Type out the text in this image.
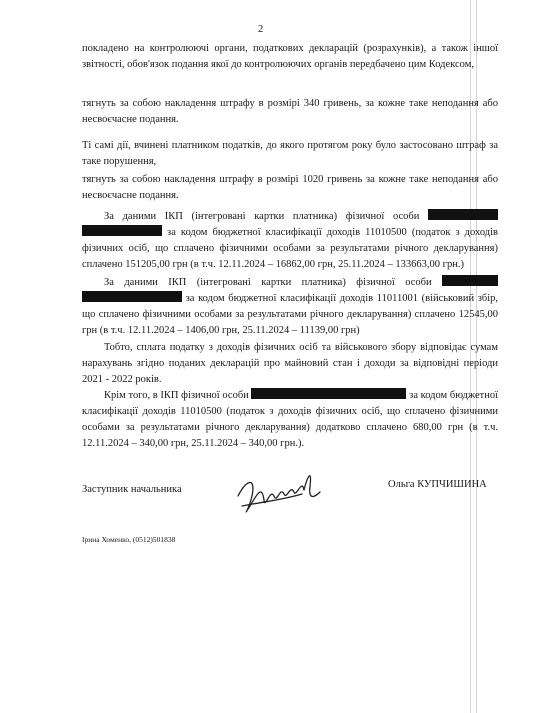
2

покладено на контролюючі органи, податкових декларацій (розрахунків), а також іншої звітності, обов'язок подання якої до контролюючих органів передбачено цим Кодексом,

тягнуть за собою накладення штрафу в розмірі 340 гривень, за кожне таке неподання або несвоєчасне подання.

Ті самі дії, вчинені платником податків, до якого протягом року було застосовано штраф за таке порушення,

тягнуть за собою накладення штрафу в розмірі 1020 гривень за кожне таке неподання або несвоєчасне подання.

За даними ІКП (інтегровані картки платника) фізичної особи   за кодом бюджетної класифікації доходів 11010500 (податок з доходів фізичних осіб, що сплачено фізичними особами за результатами річного декларування) сплачено 151205,00 грн (в т.ч. 12.11.2024 – 16862,00 грн, 25.11.2024 – 133663,00 грн.)

За даними ІКП (інтегровані картки платника) фізичної особи   за кодом бюджетної класифікації доходів 11011001 (військовий збір, що сплачено фізичними особами за результатами річного декларування) сплачено 12545,00 грн (в т.ч. 12.11.2024 – 1406,00 грн, 25.11.2024 – 11139,00 грн)

Тобто, сплата податку з доходів фізичних осіб та військового збору відповідає сумам нарахувань згідно поданих декларацій про майновий стан і доходи за відповідні періоди 2021 - 2022 років.

Крім того, в ІКП фізичної особи	за кодом бюджетної класифікації доходів 11010500 (податок з доходів фізичних осіб, що сплачено фізичними особами за результатами річного декларування) додатково сплачено 680,00 грн (в т.ч. 12.11.2024 – 340,00 грн, 25.11.2024 – 340,00 грн.).

Заступник начальника	Ольга КУПЧИШИНА
Ірина Хоменко, (0512)501838
